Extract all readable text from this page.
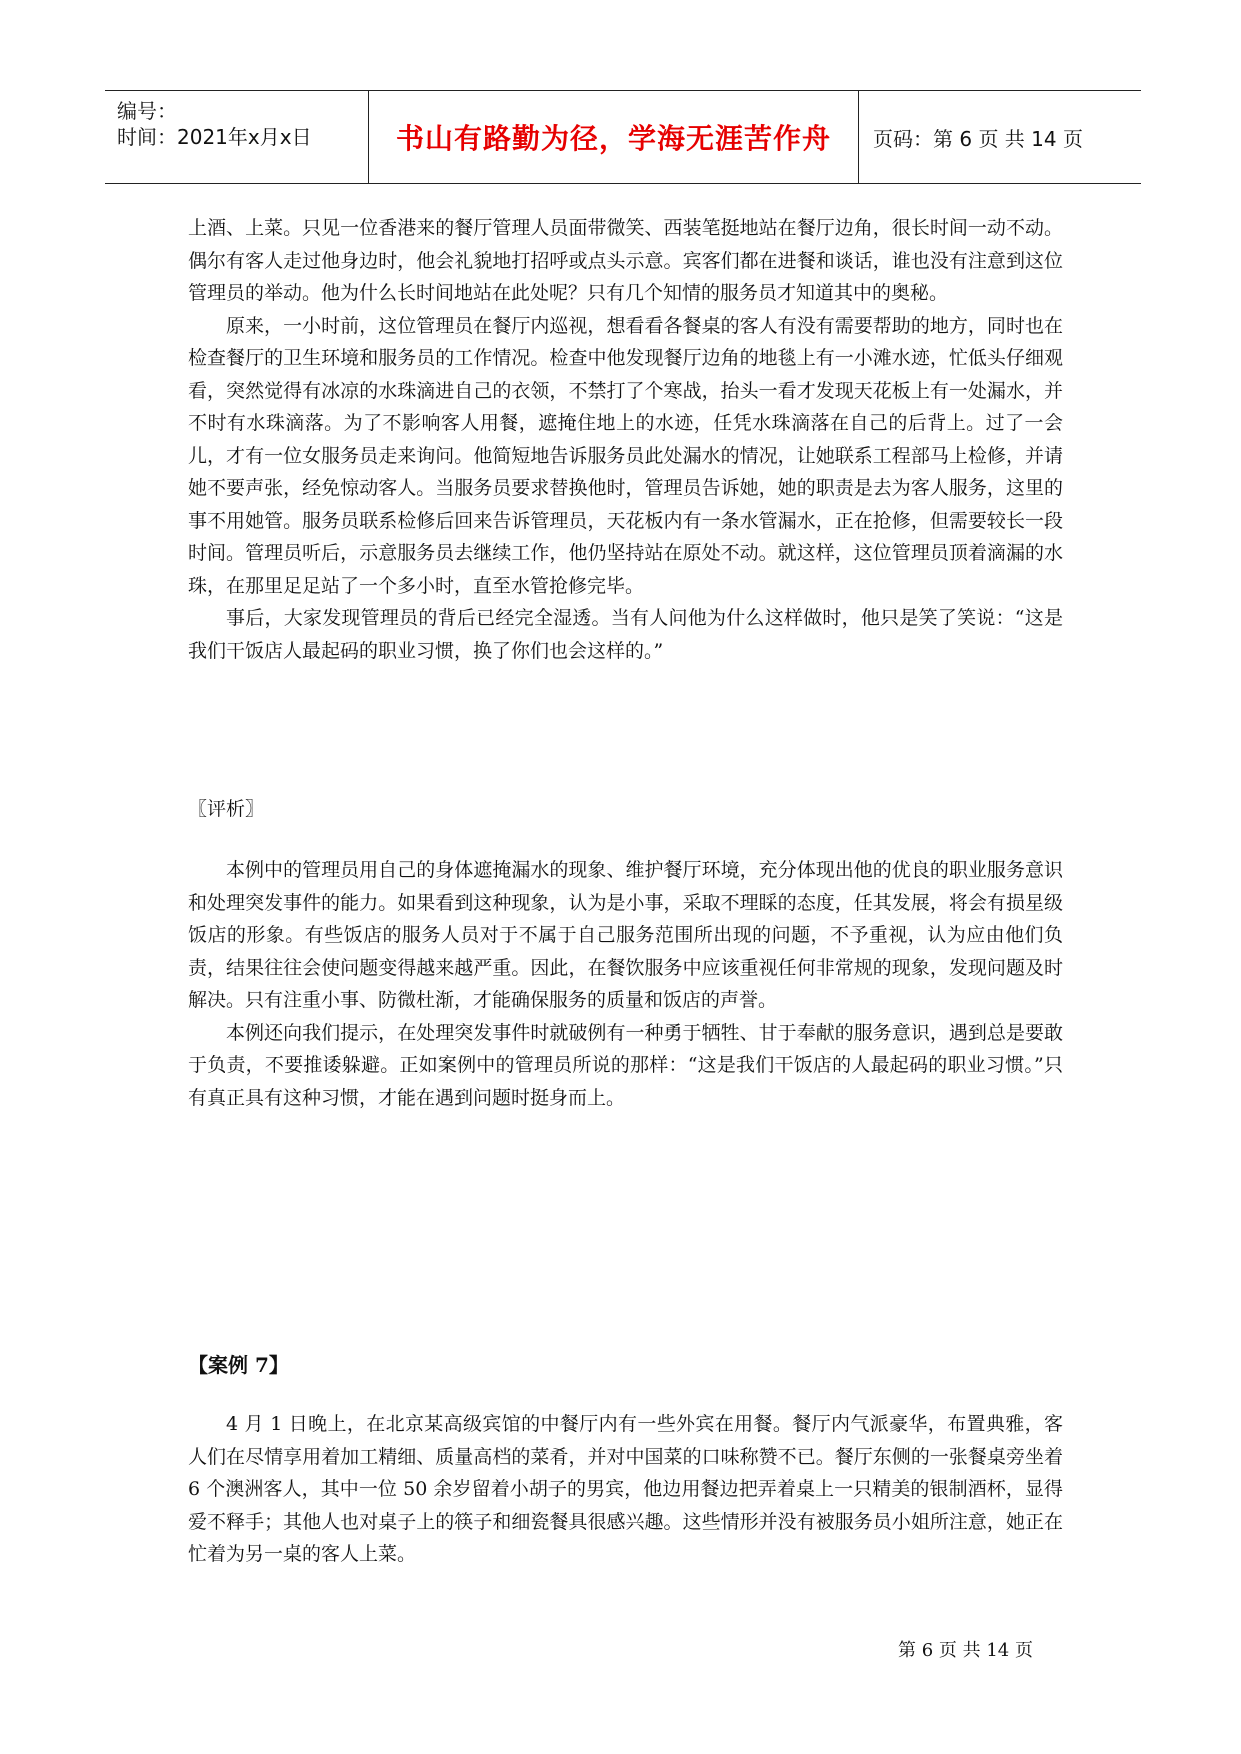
编号：
时间：2021年x月x日	书山有路勤为径，学海无涯苦作舟	页码：第 6 页 共 14 页

上酒、上菜。只见一位香港来的餐厅管理人员面带微笑、西装笔挺地站在餐厅边角，很长时间一动不动。偶尔有客人走过他身边时，他会礼貌地打招呼或点头示意。宾客们都在进餐和谈话，谁也没有注意到这位管理员的举动。他为什么长时间地站在此处呢？只有几个知情的服务员才知道其中的奥秘。

原来，一小时前，这位管理员在餐厅内巡视，想看看各餐桌的客人有没有需要帮助的地方，同时也在检查餐厅的卫生环境和服务员的工作情况。检查中他发现餐厅边角的地毯上有一小滩水迹，忙低头仔细观看，突然觉得有冰凉的水珠滴进自己的衣领，不禁打了个寒战，抬头一看才发现天花板上有一处漏水，并不时有水珠滴落。为了不影响客人用餐，遮掩住地上的水迹，任凭水珠滴落在自己的后背上。过了一会儿，才有一位女服务员走来询问。他简短地告诉服务员此处漏水的情况，让她联系工程部马上检修，并请她不要声张，经免惊动客人。当服务员要求替换他时，管理员告诉她，她的职责是去为客人服务，这里的事不用她管。服务员联系检修后回来告诉管理员，天花板内有一条水管漏水，正在抢修，但需要较长一段时间。管理员听后，示意服务员去继续工作，他仍坚持站在原处不动。就这样，这位管理员顶着滴漏的水珠，在那里足足站了一个多小时，直至水管抢修完毕。

事后，大家发现管理员的背后已经完全湿透。当有人问他为什么这样做时，他只是笑了笑说：“这是我们干饭店人最起码的职业习惯，换了你们也会这样的。”

〖评析〗

本例中的管理员用自己的身体遮掩漏水的现象、维护餐厅环境，充分体现出他的优良的职业服务意识和处理突发事件的能力。如果看到这种现象，认为是小事，采取不理睬的态度，任其发展，将会有损星级饭店的形象。有些饭店的服务人员对于不属于自己服务范围所出现的问题，不予重视，认为应由他们负责，结果往往会使问题变得越来越严重。因此，在餐饮服务中应该重视任何非常规的现象，发现问题及时解决。只有注重小事、防微杜渐，才能确保服务的质量和饭店的声誉。

本例还向我们提示，在处理突发事件时就破例有一种勇于牺牲、甘于奉献的服务意识，遇到总是要敢于负责，不要推诿躲避。正如案例中的管理员所说的那样：“这是我们干饭店的人最起码的职业习惯。”只有真正具有这种习惯，才能在遇到问题时挺身而上。

【案例 7】

4 月 1 日晚上，在北京某高级宾馆的中餐厅内有一些外宾在用餐。餐厅内气派豪华，布置典雅，客人们在尽情享用着加工精细、质量高档的菜肴，并对中国菜的口味称赞不已。餐厅东侧的一张餐桌旁坐着 6 个澳洲客人，其中一位 50 余岁留着小胡子的男宾，他边用餐边把弄着桌上一只精美的银制酒杯，显得爱不释手；其他人也对桌子上的筷子和细瓷餐具很感兴趣。这些情形并没有被服务员小姐所注意，她正在忙着为另一桌的客人上菜。

第 6 页 共 14 页
